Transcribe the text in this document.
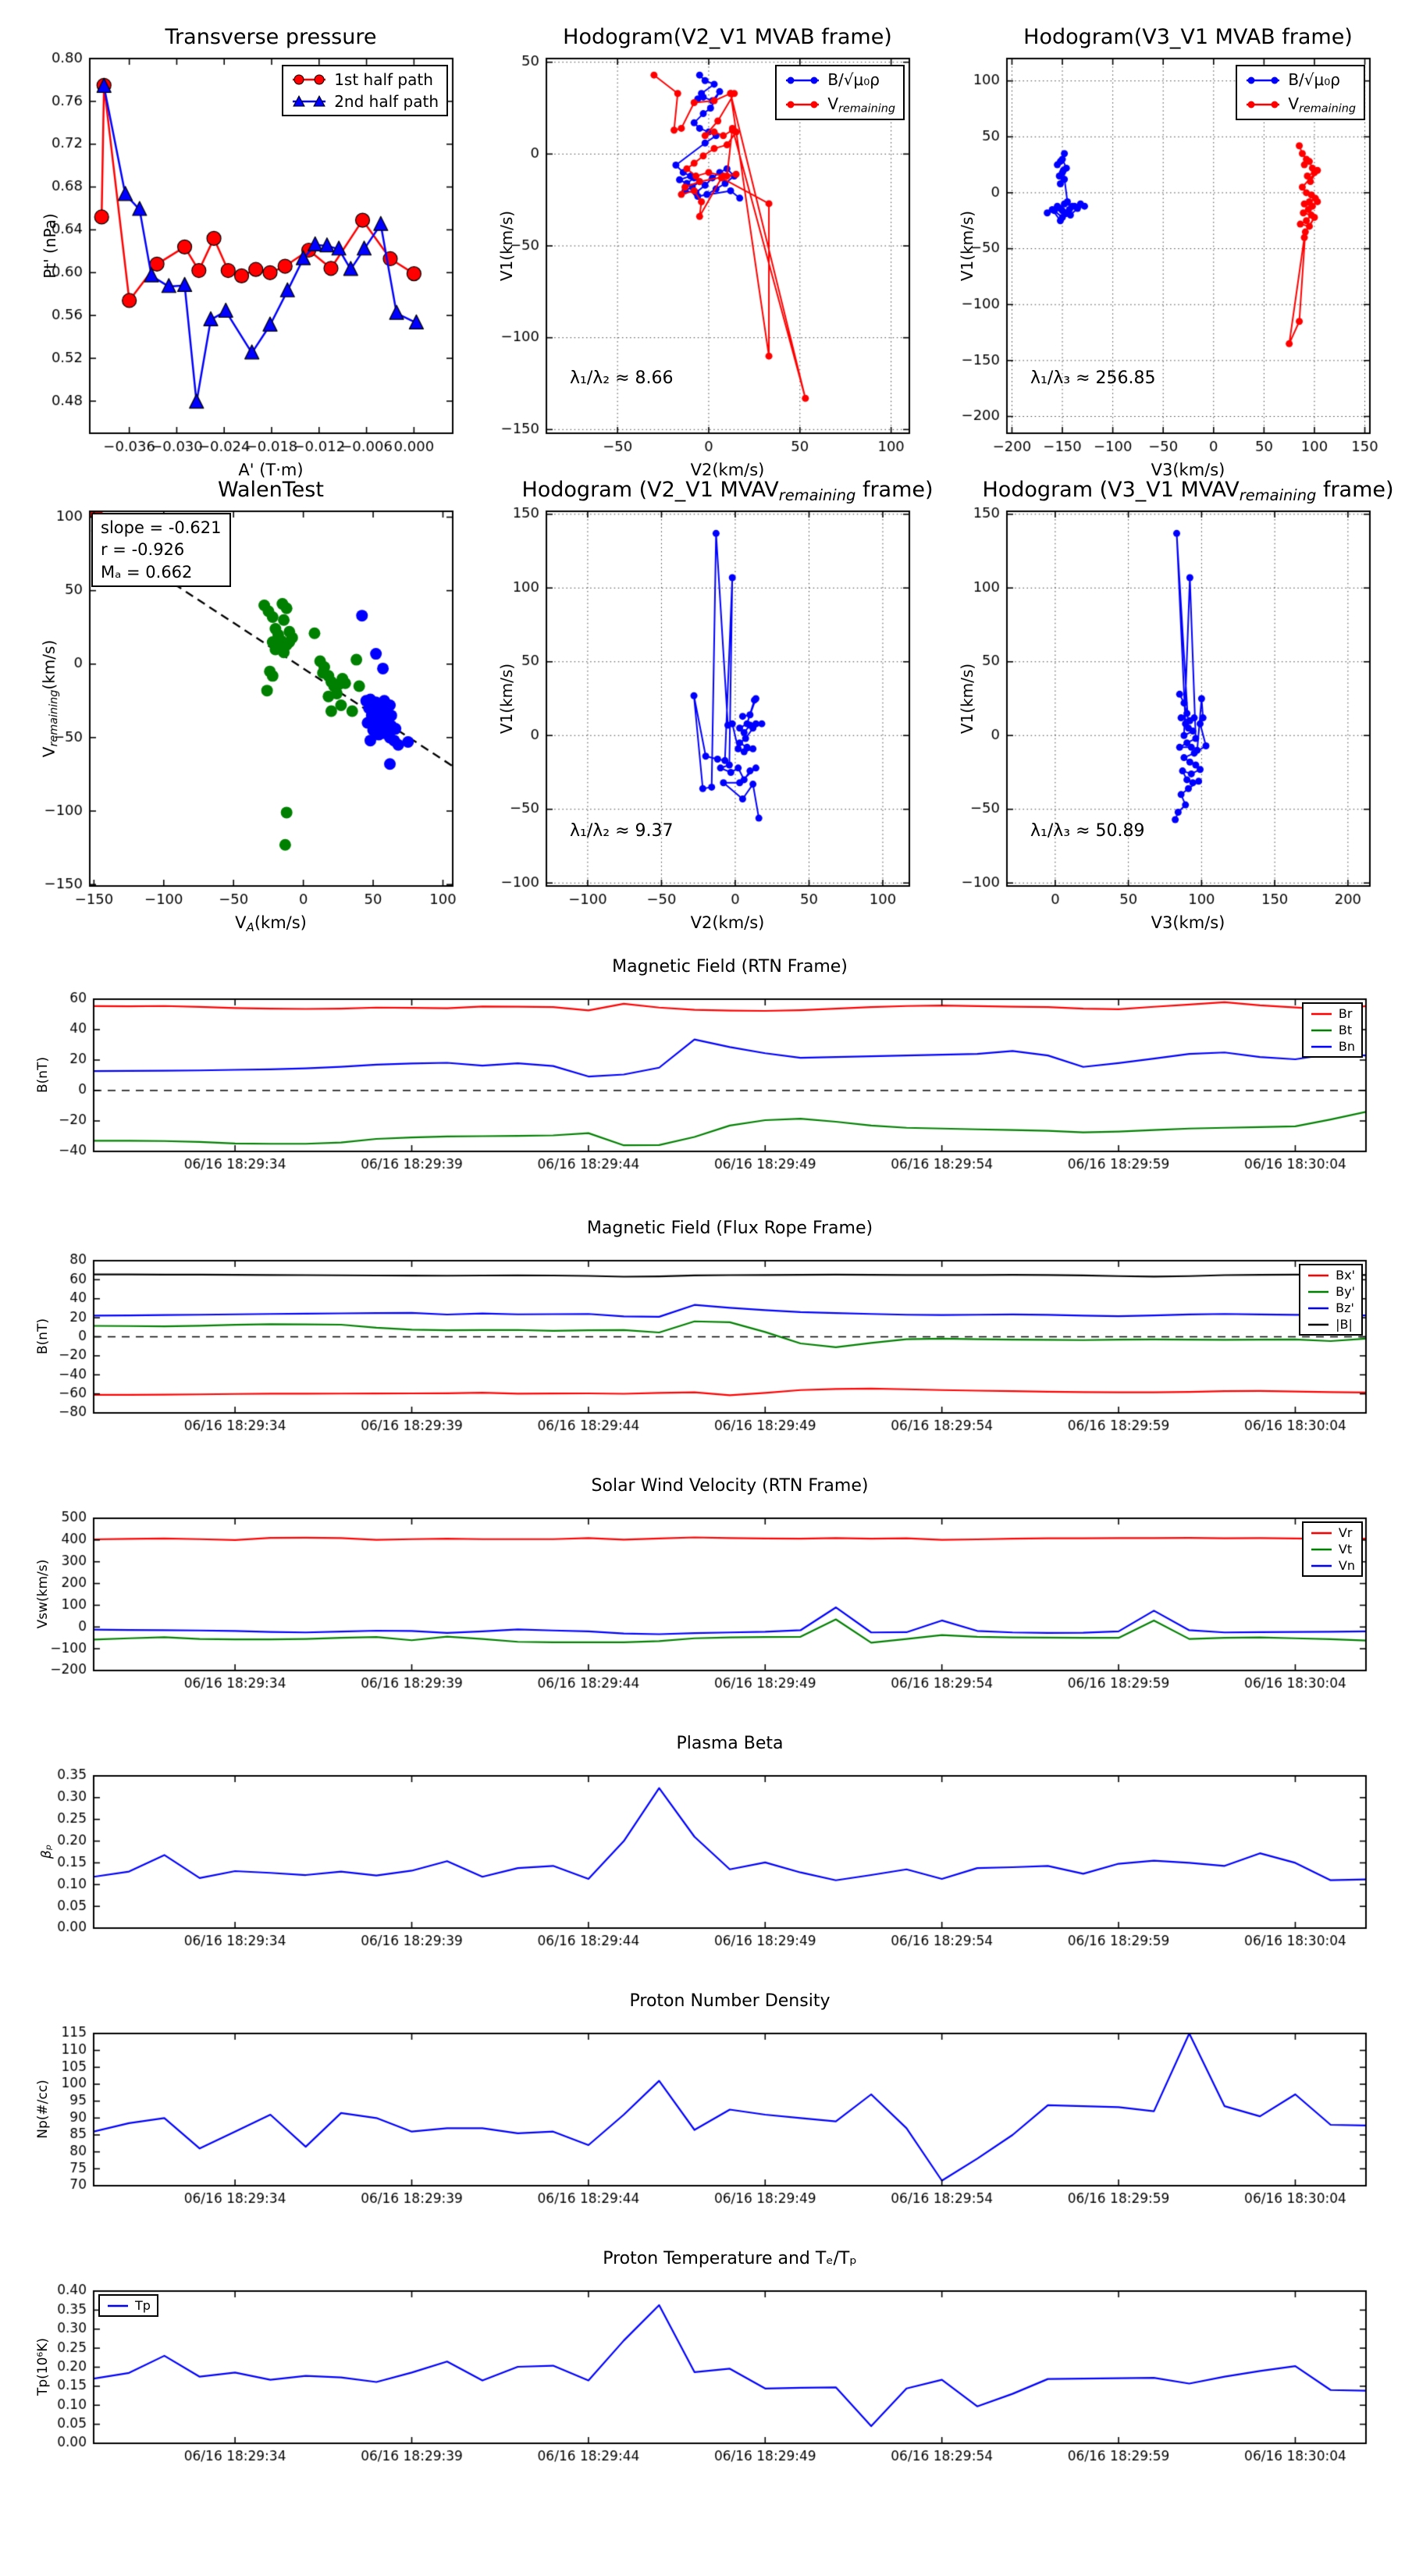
Transverse pressure
Pt' (nPa)
1st half path
2nd half path
Hodogram(V2_V1 MVAB frame)
V1(km/s)
λ₁/λ₂ ≈ 8.66
B/√μ₀ρ
$V_{remaining}$
Hodogram(V3_V1 MVAB frame)
V1(km/s)
λ₁/λ₃ ≈ 256.85
B/√μ₀ρ
$V_{remaining}$
WalenTest
$V_{remaining}(km/s)$
$V_A(km/s)$
slope = -0.621
r = -0.926
Mₐ = 0.662
Hodogram (V2_V1 $MVAV_{remaining}$ frame)
V1(km/s)
V2(km/s)
λ₁/λ₂ ≈ 9.37
Hodogram (V3_V1 $MVAV_{remaining}$ frame)
V1(km/s)
V3(km/s)
λ₁/λ₃ ≈ 50.89
Magnetic Field (RTN Frame)
B(nT)
Br
Bt
Bn
Magnetic Field (Flux Rope Frame)
B(nT)
Bx'
By'
Bz'
|B|
Solar Wind Velocity (RTN Frame)
Vsw(km/s)
Vr
Vt
Vn
Plasma Beta
βₚ
Proton Number Density
Np(#/cc)
Proton Temperature and Tₑ/Tₚ
Tp(10⁶K)
Tp
